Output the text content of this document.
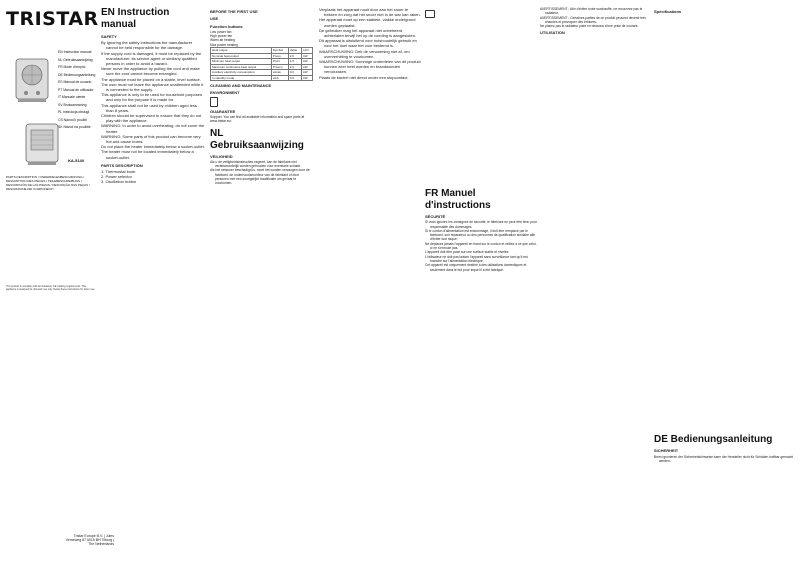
TRISTAR
EN Instruction manual
NL Gebruiksaanwijzing
FR Mode d'emploi
DE Bedienungsanleitung
ES Manual de usuario
PT Manual de utilizador
IT Manuale utente
SV Bruksanvisning
PL Instrukcja obsługi
CS Návod k použití
SK Návod na použitie
KA-5140
PARTS DESCRIPTION / ONDERDELENBESCHRIJVING / DESCRIPTION DES PIÈCES / TEILEBESCHREIBUNG / DESCRIPCIÓN DE LAS PIEZAS / DESCRIÇÃO DAS PEÇAS / DESCRIZIONE DEI COMPONENTI
This product is compliant with all mandatory CE marking requirements. This appliance is designed for domestic use only. Retain these instructions for future use.
Tristar Europe B.V. | Jules Verneweg 87 5015 BH Tilburg | The Netherlands
EN Instruction manual
SAFETY
By ignoring the safety instructions the manufacturer cannot be held responsible for the damage.
If the supply cord is damaged, it must be replaced by the manufacturer, its service agent or similarly qualified persons in order to avoid a hazard.
Never move the appliance by pulling the cord and make sure the cord cannot become entangled.
The appliance must be placed on a stable, level surface.
The user must not leave the appliance unattended while it is connected to the supply.
This appliance is only to be used for household purposes and only for the purpose it is made for.
This appliance shall not be used by children aged less than 8 years.
Children should be supervised to ensure that they do not play with the appliance.
WARNING: In order to avoid overheating, do not cover the heater.
WARNING: Some parts of this product can become very hot and cause burns.
Do not place the heater immediately below a socket-outlet.
The heater must not be located immediately below a socket-outlet.
PARTS DESCRIPTION
1. Thermostat knob
2. Power selector
3. Oscillation button
BEFORE THE FIRST USE
USE
Function buttons
Low power fan
High power fan
Warm air heating
Max power heating
Heat output	Symbol	Value	Unit
Nominal heat output	Pnom	2.0	kW
Minimum heat output	Pmin	1.0	kW
Maximum continuous heat output	Pmax,c	2.0	kW
Auxiliary electricity consumption	elmax	0.0	kW
In standby mode	elsb	0.0	kW
CLEANING AND MAINTENANCE
ENVIRONMENT
GUARANTEE
Support: You can find all available information and spare parts at www.tristar.eu!
NL Gebruiksaanwijzing
VEILIGHEID
Als u de veiligheidsinstructies negeert, kan de fabrikant niet verantwoordelijk worden gehouden voor eventuele schade.
Als het netsnoer beschadigd is, moet het worden vervangen door de fabrikant, de onderhoudsmonteur van de fabrikant of door personen met een soortgelijke kwalificatie om gevaar te voorkomen.
Verplaats het apparaat nooit door aan het snoer te trekken en zorg dat het snoer niet in de war kan raken.
Het apparaat moet op een stabiele, vlakke ondergrond worden geplaatst.
De gebruiker mag het apparaat niet onbeheerd achterlaten terwijl het op de voeding is aangesloten.
Dit apparaat is uitsluitend voor huishoudelijk gebruik en voor het doel waar het voor bestemd is.
WAARSCHUWING: Dek de verwarming niet af, om oververhitting te voorkomen.
WAARSCHUWING: Sommige onderdelen van dit product kunnen zeer heet worden en brandwonden veroorzaken.
Plaats de kachel niet direct onder een stopcontact.
FR Manuel d'instructions
SÉCURITÉ
Si vous ignorez les consignes de sécurité, le fabricant ne peut être tenu pour responsable des dommages.
Si le cordon d'alimentation est endommagé, il doit être remplacé par le fabricant, son réparateur ou des personnes de qualification similaire afin d'éviter tout risque.
Ne déplacez jamais l'appareil en tirant sur le cordon et veillez à ce que celui-ci ne s'enroule pas.
L'appareil doit être posé sur une surface stable et nivelée.
L'utilisateur ne doit pas laisser l'appareil sans surveillance tant qu'il est branché sur l'alimentation électrique.
Cet appareil est uniquement destiné à des utilisations domestiques et seulement dans le but pour lequel il a été fabriqué.
AVERTISSEMENT : Afin d'éviter toute surchauffe, ne recouvrez pas le radiateur.
AVERTISSEMENT : Certaines parties de ce produit peuvent devenir très chaudes et provoquer des brûlures.
Ne placez pas le radiateur juste en dessous d'une prise de courant.
UTILISATION
Spécifications
DE Bedienungsanleitung
SICHERHEIT
Beim Ignorieren der Sicherheitshinweise kann der Hersteller nicht für Schäden haftbar gemacht werden.
